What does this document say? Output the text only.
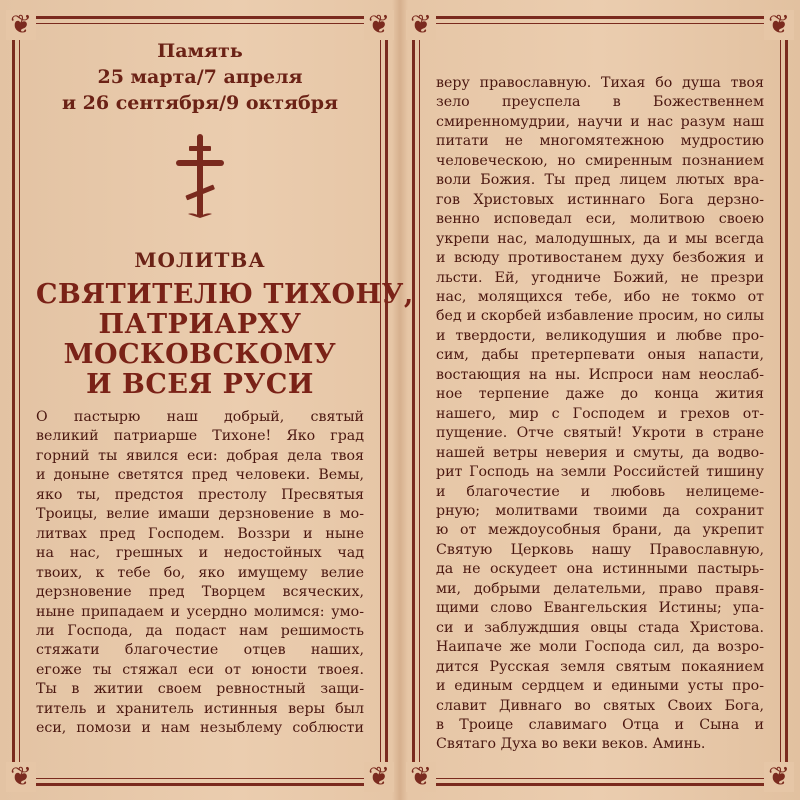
❦	❦
❦	❦
Память
25 марта/7 апреля
и 26 сентября/9 октября
МОЛИТВА
СВЯТИТЕЛЮ ТИХОНУ,
ПАТРИАРХУ
МОСКОВСКОМУ
И ВСЕЯ РУСИ
О пастырю наш добрый, святый
великий патриарше Тихоне! Яко град
горний ты явился еси: добрая дела твоя
и доныне светятся пред человеки. Вемы,
яко ты, предстоя престолу Пресвятыя
Троицы, велие имаши дерзновение в мо-
литвах пред Господем. Воззри и ныне
на нас, грешных и недостойных чад
твоих, к тебе бо, яко имущему велие
дерзновение пред Творцем всяческих,
ныне припадаем и усердно молимся: умо-
ли Господа, да подаст нам решимость
стяжати благочестие отцев наших,
егоже ты стяжал еси от юности твоея.
Ты в житии своем ревностный защи-
титель и хранитель истинныя веры был
еси, помози и нам незыблему соблюсти
❦	❦
❦	❦
веру православную. Тихая бо душа твоя
зело преуспела в Божественнем
смиренномудрии, научи и нас разум наш
питати не многомятежною мудростию
человеческою, но смиренным познанием
воли Божия. Ты пред лицем лютых вра-
гов Христовых истиннаго Бога дерзно-
венно исповедал еси, молитвою своею
укрепи нас, малодушных, да и мы всегда
и всюду противостанем духу безбожия и
льсти. Ей, угодниче Божий, не презри
нас, молящихся тебе, ибо не токмо от
бед и скорбей избавление просим, но силы
и твердости, великодушия и любве про-
сим, дабы претерпевати оныя напасти,
востающия на ны. Испроси нам неослаб-
ное терпение даже до конца жития
нашего, мир с Господем и грехов от-
пущение. Отче святый! Укроти в стране
нашей ветры неверия и смуты, да водво-
рит Господь на земли Российстей тишину
и благочестие и любовь нелицеме-
рную; молитвами твоими да сохранит
ю от междоусобныя брани, да укрепит
Святую Церковь нашу Православную,
да не оскудеет она истинными пастырь-
ми, добрыми делательми, право правя-
щими слово Евангельския Истины; упа-
си и заблуждшия овцы стада Христова.
Наипаче же моли Господа сил, да возро-
дится Русская земля святым покаянием
и единым сердцем и едиными усты про-
славит Дивнаго во святых Своих Бога,
в Троице славимаго Отца и Сына и
Святаго Духа во веки веков. Аминь.
